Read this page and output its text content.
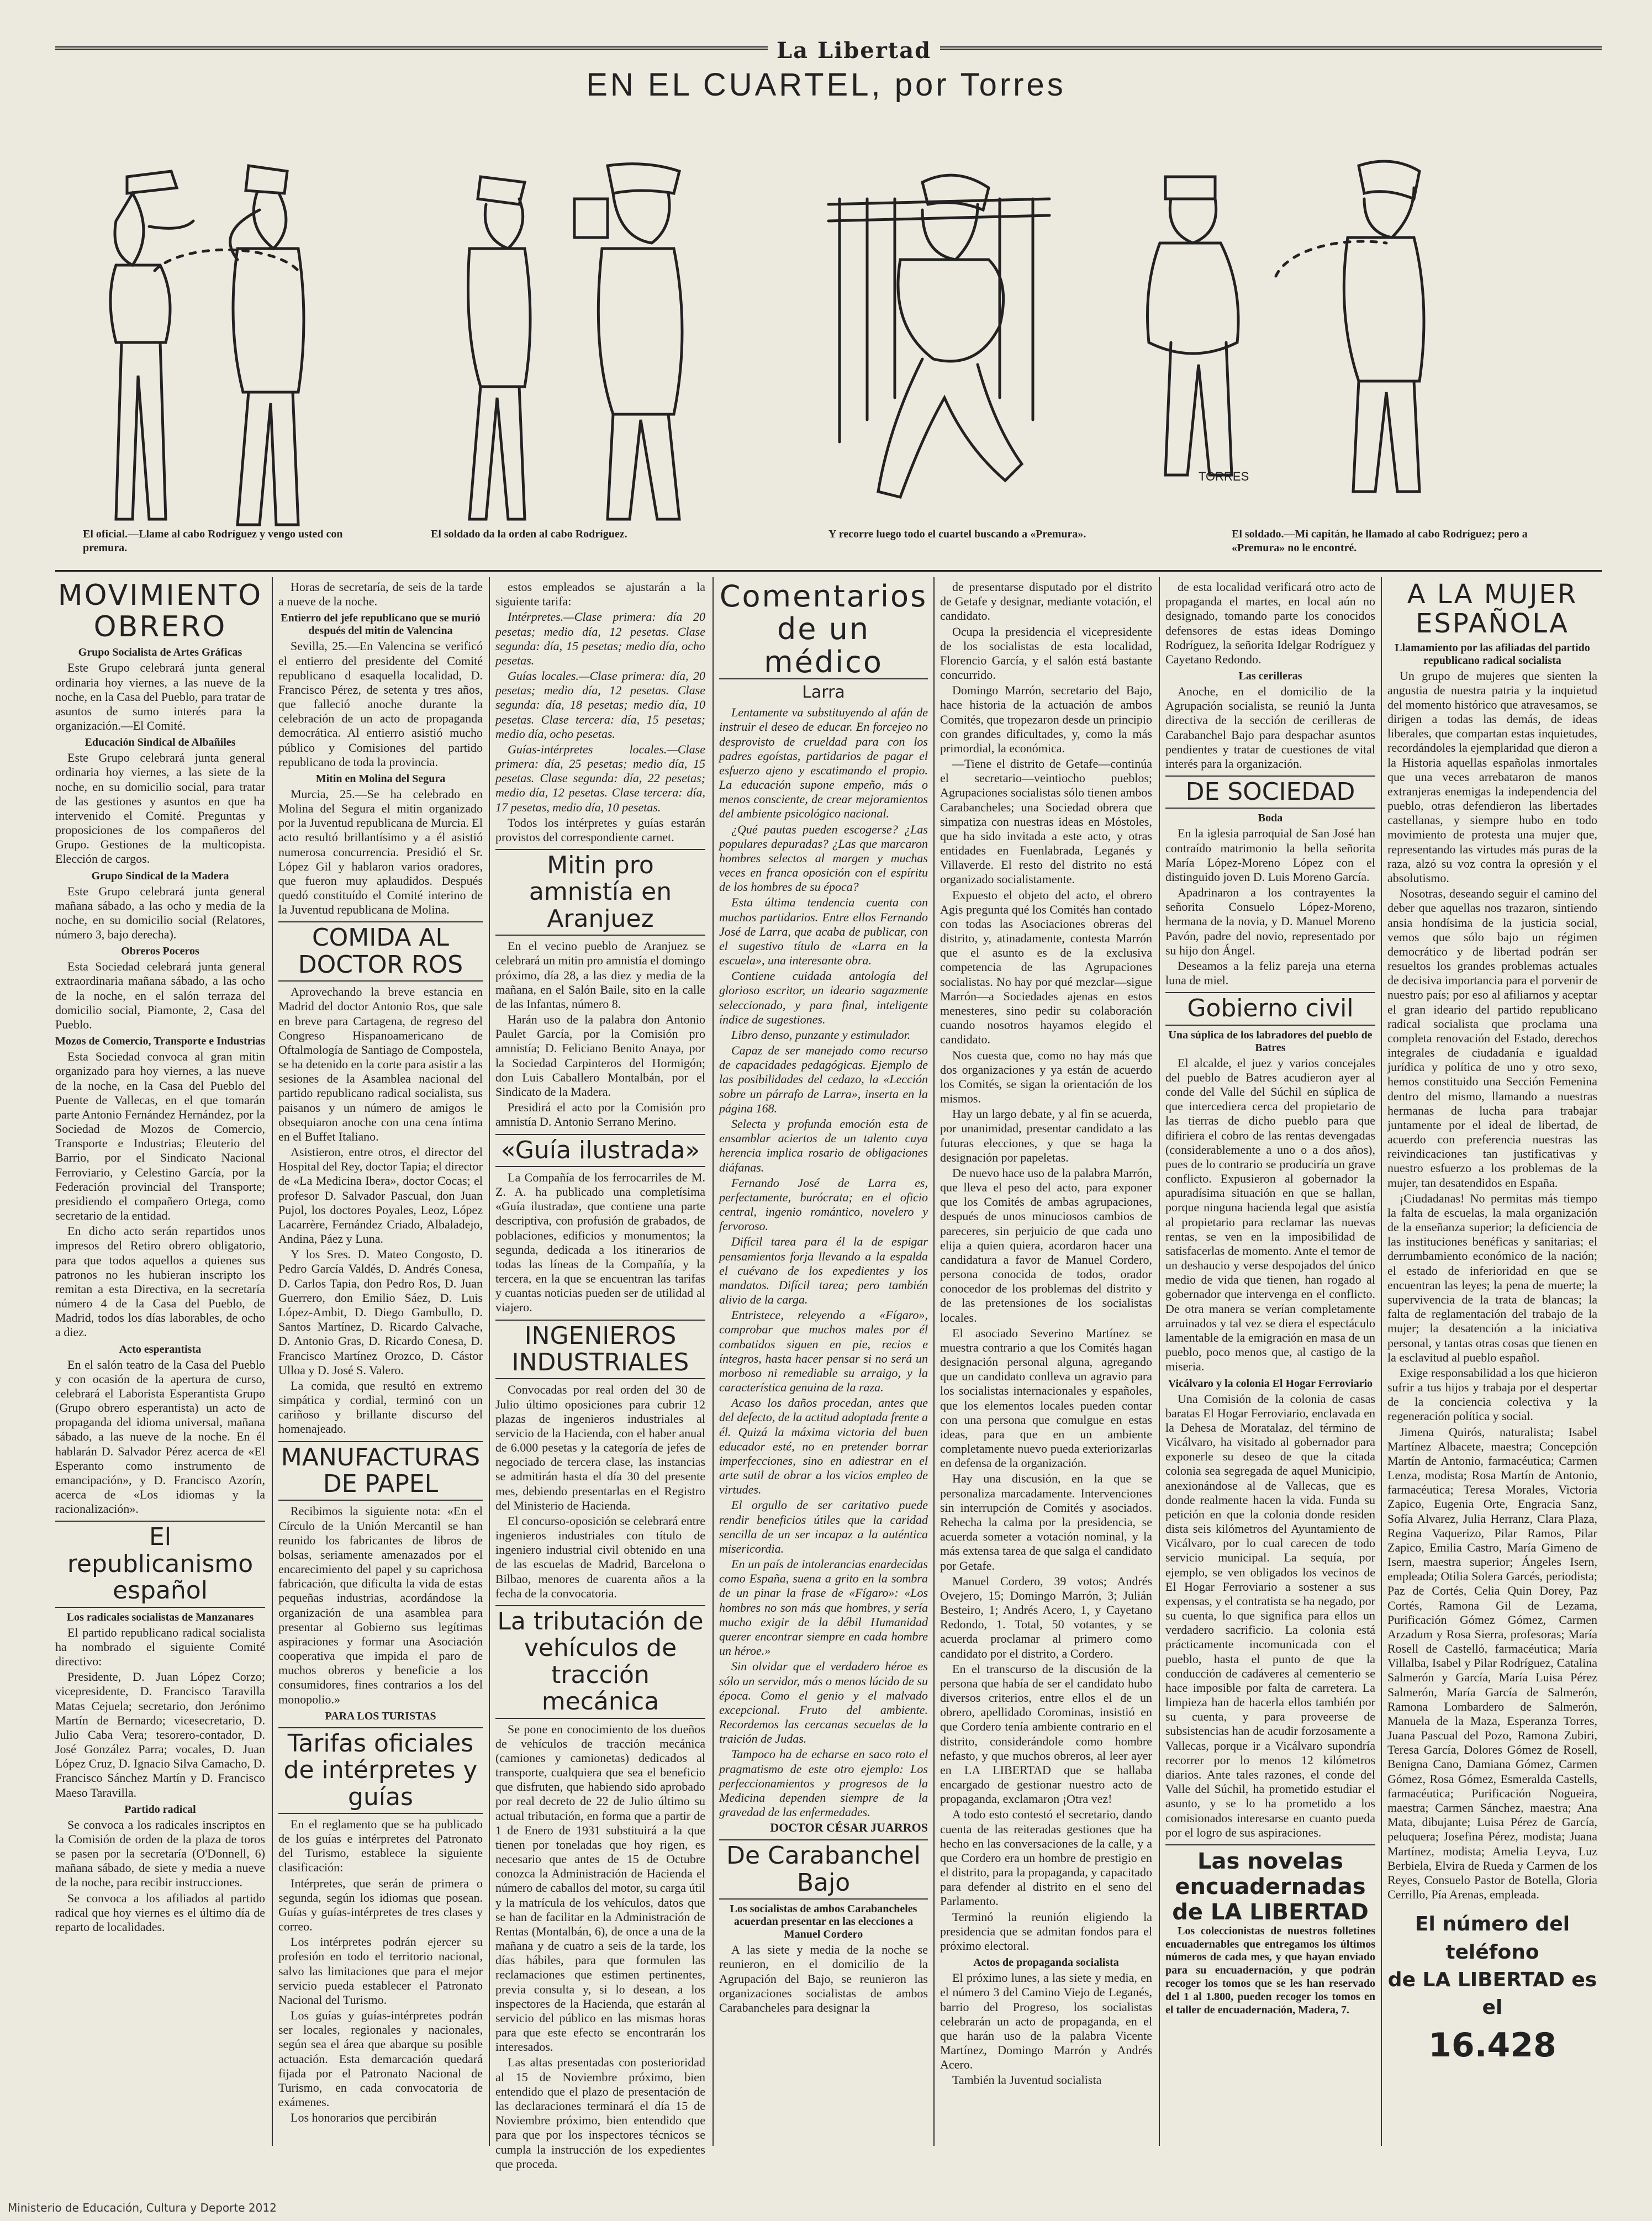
La Libertad
EN EL CUARTEL, por Torres
TORRES
El oficial.—Llame al cabo Rodríguez y vengo usted con premura.
El soldado da la orden al cabo Rodríguez.	Y recorre luego todo el cuartel buscando a «Premura».	El soldado.—Mi capitán, he llamado al cabo Rodríguez; pero a «Premura» no le encontré.
MOVIMIENTO OBRERO
Grupo Socialista de Artes Gráficas

Este Grupo celebrará junta general ordinaria hoy viernes, a las nueve de la noche, en la Casa del Pueblo, para tratar de asuntos de sumo interés para la organización.—El Comité.

Educación Sindical de Albañiles

Este Grupo celebrará junta general ordinaria hoy viernes, a las siete de la noche, en su domicilio social, para tratar de las gestiones y asuntos en que ha intervenido el Comité. Preguntas y proposiciones de los compañeros del Grupo. Gestiones de la multicopista. Elección de cargos.

Grupo Sindical de la Madera

Este Grupo celebrará junta general mañana sábado, a las ocho y media de la noche, en su domicilio social (Relatores, número 3, bajo derecha).

Obreros Poceros

Esta Sociedad celebrará junta general extraordinaria mañana sábado, a las ocho de la noche, en el salón terraza del domicilio social, Piamonte, 2, Casa del Pueblo.

Mozos de Comercio, Transporte e Industrias

Esta Sociedad convoca al gran mitin organizado para hoy viernes, a las nueve de la noche, en la Casa del Pueblo del Puente de Vallecas, en el que tomarán parte Antonio Fernández Hernández, por la Sociedad de Mozos de Comercio, Transporte e Industrias; Eleuterio del Barrio, por el Sindicato Nacional Ferroviario, y Celestino García, por la Federación provincial del Transporte; presidiendo el compañero Ortega, como secretario de la entidad.

En dicho acto serán repartidos unos impresos del Retiro obrero obligatorio, para que todos aquellos a quienes sus patronos no les hubieran inscripto los remitan a esta Directiva, en la secretaría número 4 de la Casa del Pueblo, de Madrid, todos los días laborables, de ocho a diez.

Acto esperantista

En el salón teatro de la Casa del Pueblo y con ocasión de la apertura de curso, celebrará el Laborista Esperantista Grupo (Grupo obrero esperantista) un acto de propaganda del idioma universal, mañana sábado, a las nueve de la noche. En él hablarán D. Salvador Pérez acerca de «El Esperanto como instrumento de emancipación», y D. Francisco Azorín, acerca de «Los idiomas y la racionalización».

El republicanismo español
Los radicales socialistas de Manzanares

El partido republicano radical socialista ha nombrado el siguiente Comité directivo:

Presidente, D. Juan López Corzo; vicepresidente, D. Francisco Taravilla Matas Cejuela; secretario, don Jerónimo Martín de Bernardo; vicesecretario, D. Julio Caba Vera; tesorero-contador, D. José González Parra; vocales, D. Juan López Cruz, D. Ignacio Silva Camacho, D. Francisco Sánchez Martín y D. Francisco Maeso Taravilla.

Partido radical

Se convoca a los radicales inscriptos en la Comisión de orden de la plaza de toros se pasen por la secretaría (O'Donnell, 6) mañana sábado, de siete y media a nueve de la noche, para recibir instrucciones.

Se convoca a los afiliados al partido radical que hoy viernes es el último día de reparto de localidades.

Horas de secretaría, de seis de la tarde a nueve de la noche.

Entierro del jefe republicano que se murió después del mitin de Valencina

Sevilla, 25.—En Valencina se verificó el entierro del presidente del Comité republicano d esaquella localidad, D. Francisco Pérez, de setenta y tres años, que falleció anoche durante la celebración de un acto de propaganda democrática. Al entierro asistió mucho público y Comisiones del partido republicano de toda la provincia.

Mitin en Molina del Segura

Murcia, 25.—Se ha celebrado en Molina del Segura el mitin organizado por la Juventud republicana de Murcia. El acto resultó brillantísimo y a él asistió numerosa concurrencia. Presidió el Sr. López Gil y hablaron varios oradores, que fueron muy aplaudidos. Después quedó constituído el Comité interino de la Juventud republicana de Molina.

COMIDA AL DOCTOR ROS

Aprovechando la breve estancia en Madrid del doctor Antonio Ros, que sale en breve para Cartagena, de regreso del Congreso Hispanoamericano de Oftalmología de Santiago de Compostela, se ha detenido en la corte para asistir a las sesiones de la Asamblea nacional del partido republicano radical socialista, sus paisanos y un número de amigos le obsequiaron anoche con una cena íntima en el Buffet Italiano.

Asistieron, entre otros, el director del Hospital del Rey, doctor Tapia; el director de «La Medicina Ibera», doctor Cocas; el profesor D. Salvador Pascual, don Juan Pujol, los doctores Poyales, Leoz, López Lacarrère, Fernández Criado, Albaladejo, Andina, Páez y Luna.

Y los Sres. D. Mateo Congosto, D. Pedro García Valdés, D. Andrés Conesa, D. Carlos Tapia, don Pedro Ros, D. Juan Guerrero, don Emilio Sáez, D. Luis López-Ambit, D. Diego Gambullo, D. Santos Martínez, D. Ricardo Calvache, D. Antonio Gras, D. Ricardo Conesa, D. Francisco Martínez Orozco, D. Cástor Ulloa y D. José S. Valero.

La comida, que resultó en extremo simpática y cordial, terminó con un cariñoso y brillante discurso del homenajeado.

MANUFACTURAS DE PAPEL

Recibimos la siguiente nota: «En el Círculo de la Unión Mercantil se han reunido los fabricantes de libros de bolsas, seriamente amenazados por el encarecimiento del papel y su caprichosa fabricación, que dificulta la vida de estas pequeñas industrias, acordándose la organización de una asamblea para presentar al Gobierno sus legítimas aspiraciones y formar una Asociación cooperativa que impida el paro de muchos obreros y beneficie a los consumidores, fines contrarios a los del monopolio.»

PARA LOS TURISTAS
Tarifas oficiales de intérpretes y guías

En el reglamento que se ha publicado de los guías e intérpretes del Patronato del Turismo, establece la siguiente clasificación:

Intérpretes, que serán de primera o segunda, según los idiomas que posean. Guías y guías-intérpretes de tres clases y correo.

Los intérpretes podrán ejercer su profesión en todo el territorio nacional, salvo las limitaciones que para el mejor servicio pueda establecer el Patronato Nacional del Turismo.

Los guías y guías-intérpretes podrán ser locales, regionales y nacionales, según sea el área que abarque su posible actuación. Esta demarcación quedará fijada por el Patronato Nacional de Turismo, en cada convocatoria de exámenes.

Los honorarios que percibirán

estos empleados se ajustarán a la siguiente tarifa:

Intérpretes.—Clase primera: día 20 pesetas; medio día, 12 pesetas. Clase segunda: día, 15 pesetas; medio día, ocho pesetas.

Guías locales.—Clase primera: día, 20 pesetas; medio día, 12 pesetas. Clase segunda: día, 18 pesetas; medio día, 10 pesetas. Clase tercera: día, 15 pesetas; medio día, ocho pesetas.

Guías-intérpretes locales.—Clase primera: día, 25 pesetas; medio día, 15 pesetas. Clase segunda: día, 22 pesetas; medio día, 12 pesetas. Clase tercera: día, 17 pesetas, medio día, 10 pesetas.

Todos los intérpretes y guías estarán provistos del correspondiente carnet.

Mitin pro amnistía en Aranjuez

En el vecino pueblo de Aranjuez se celebrará un mitin pro amnistía el domingo próximo, día 28, a las diez y media de la mañana, en el Salón Baile, sito en la calle de las Infantas, número 8.

Harán uso de la palabra don Antonio Paulet García, por la Comisión pro amnistía; D. Feliciano Benito Anaya, por la Sociedad Carpinteros del Hormigón; don Luis Caballero Montalbán, por el Sindicato de la Madera.

Presidirá el acto por la Comisión pro amnistía D. Antonio Serrano Merino.

«Guía ilustrada»

La Compañía de los ferrocarriles de M. Z. A. ha publicado una completísima «Guía ilustrada», que contiene una parte descriptiva, con profusión de grabados, de poblaciones, edificios y monumentos; la segunda, dedicada a los itinerarios de todas las líneas de la Compañía, y la tercera, en la que se encuentran las tarifas y cuantas noticias pueden ser de utilidad al viajero.

INGENIEROS INDUSTRIALES

Convocadas por real orden del 30 de Julio último oposiciones para cubrir 12 plazas de ingenieros industriales al servicio de la Hacienda, con el haber anual de 6.000 pesetas y la categoría de jefes de negociado de tercera clase, las instancias se admitirán hasta el día 30 del presente mes, debiendo presentarlas en el Registro del Ministerio de Hacienda.

El concurso-oposición se celebrará entre ingenieros industriales con título de ingeniero industrial civil obtenido en una de las escuelas de Madrid, Barcelona o Bilbao, menores de cuarenta años a la fecha de la convocatoria.

La tributación de vehículos de tracción mecánica

Se pone en conocimiento de los dueños de vehículos de tracción mecánica (camiones y camionetas) dedicados al transporte, cualquiera que sea el beneficio que disfruten, que habiendo sido aprobado por real decreto de 22 de Julio último su actual tributación, en forma que a partir de 1 de Enero de 1931 substituirá a la que tienen por toneladas que hoy rigen, es necesario que antes de 15 de Octubre conozca la Administración de Hacienda el número de caballos del motor, su carga útil y la matrícula de los vehículos, datos que se han de facilitar en la Administración de Rentas (Montalbán, 6), de once a una de la mañana y de cuatro a seis de la tarde, los días hábiles, para que formulen las reclamaciones que estimen pertinentes, previa consulta y, si lo desean, a los inspectores de la Hacienda, que estarán al servicio del público en las mismas horas para que este efecto se encontrarán los interesados.

Las altas presentadas con posterioridad al 15 de Noviembre próximo, bien entendido que el plazo de presentación de las declaraciones terminará el día 15 de Noviembre próximo, bien entendido que para que por los inspectores técnicos se cumpla la instrucción de los expedientes que proceda.

Comentarios de un médico
Larra

Lentamente va substituyendo al afán de instruir el deseo de educar. En forcejeo no desprovisto de crueldad para con los padres egoístas, partidarios de pagar el esfuerzo ajeno y escatimando el propio. La educación supone empeño, más o menos consciente, de crear mejoramientos del ambiente psicológico nacional.

¿Qué pautas pueden escogerse? ¿Las populares depuradas? ¿Las que marcaron hombres selectos al margen y muchas veces en franca oposición con el espíritu de los hombres de su época?

Esta última tendencia cuenta con muchos partidarios. Entre ellos Fernando José de Larra, que acaba de publicar, con el sugestivo título de «Larra en la escuela», una interesante obra.

Contiene cuidada antología del glorioso escritor, un ideario sagazmente seleccionado, y para final, inteligente índice de sugestiones.

Libro denso, punzante y estimulador.

Capaz de ser manejado como recurso de capacidades pedagógicas. Ejemplo de las posibilidades del cedazo, la «Lección sobre un párrafo de Larra», inserta en la página 168.

Selecta y profunda emoción esta de ensamblar aciertos de un talento cuya herencia implica rosario de obligaciones diáfanas.

Fernando José de Larra es, perfectamente, burócrata; en el oficio central, ingenio romántico, novelero y fervoroso.

Difícil tarea para él la de espigar pensamientos forja llevando a la espalda el cuévano de los expedientes y los mandatos. Difícil tarea; pero también alivio de la carga.

Entristece, releyendo a «Fígaro», comprobar que muchos males por él combatidos siguen en pie, recios e íntegros, hasta hacer pensar si no será un morboso ni remediable su arraigo, y la característica genuina de la raza.

Acaso los daños procedan, antes que del defecto, de la actitud adoptada frente a él. Quizá la máxima victoria del buen educador esté, no en pretender borrar imperfecciones, sino en adiestrar en el arte sutil de obrar a los vicios empleo de virtudes.

El orgullo de ser caritativo puede rendir beneficios útiles que la caridad sencilla de un ser incapaz a la auténtica misericordia.

En un país de intolerancias enardecidas como España, suena a grito en la sombra de un pinar la frase de «Fígaro»: «Los hombres no son más que hombres, y sería mucho exigir de la débil Humanidad querer encontrar siempre en cada hombre un héroe.»

Sin olvidar que el verdadero héroe es sólo un servidor, más o menos lúcido de su época. Como el genio y el malvado excepcional. Fruto del ambiente. Recordemos las cercanas secuelas de la traición de Judas.

Tampoco ha de echarse en saco roto el pragmatismo de este otro ejemplo: Los perfeccionamientos y progresos de la Medicina dependen siempre de la gravedad de las enfermedades.

DOCTOR CÉSAR JUARROS

De Carabanchel Bajo
Los socialistas de ambos Carabancheles acuerdan presentar en las elecciones a Manuel Cordero

A las siete y media de la noche se reunieron, en el domicilio de la Agrupación del Bajo, se reunieron las organizaciones socialistas de ambos Carabancheles para designar la

de presentarse disputado por el distrito de Getafe y designar, mediante votación, el candidato.

Ocupa la presidencia el vicepresidente de los socialistas de esta localidad, Florencio García, y el salón está bastante concurrido.

Domingo Marrón, secretario del Bajo, hace historia de la actuación de ambos Comités, que tropezaron desde un principio con grandes dificultades, y, como la más primordial, la económica.

—Tiene el distrito de Getafe—continúa el secretario—veintiocho pueblos; Agrupaciones socialistas sólo tienen ambos Carabancheles; una Sociedad obrera que simpatiza con nuestras ideas en Móstoles, que ha sido invitada a este acto, y otras entidades en Fuenlabrada, Leganés y Villaverde. El resto del distrito no está organizado socialistamente.

Expuesto el objeto del acto, el obrero Agis pregunta qué los Comités han contado con todas las Asociaciones obreras del distrito, y, atinadamente, contesta Marrón que el asunto es de la exclusiva competencia de las Agrupaciones socialistas. No hay por qué mezclar—sigue Marrón—a Sociedades ajenas en estos menesteres, sino pedir su colaboración cuando nosotros hayamos elegido el candidato.

Nos cuesta que, como no hay más que dos organizaciones y ya están de acuerdo los Comités, se sigan la orientación de los mismos.

Hay un largo debate, y al fin se acuerda, por unanimidad, presentar candidato a las futuras elecciones, y que se haga la designación por papeletas.

De nuevo hace uso de la palabra Marrón, que lleva el peso del acto, para exponer que los Comités de ambas agrupaciones, después de unos minuciosos cambios de pareceres, sin perjuicio de que cada uno elija a quien quiera, acordaron hacer una candidatura a favor de Manuel Cordero, persona conocida de todos, orador conocedor de los problemas del distrito y de las pretensiones de los socialistas locales.

El asociado Severino Martínez se muestra contrario a que los Comités hagan designación personal alguna, agregando que un candidato conlleva un agravio para los socialistas internacionales y españoles, que los elementos locales pueden contar con una persona que comulgue en estas ideas, para que en un ambiente completamente nuevo pueda exteriorizarlas en defensa de la organización.

Hay una discusión, en la que se personaliza marcadamente. Intervenciones sin interrupción de Comités y asociados. Rehecha la calma por la presidencia, se acuerda someter a votación nominal, y la más extensa tarea de que salga el candidato por Getafe.

Manuel Cordero, 39 votos; Andrés Ovejero, 15; Domingo Marrón, 3; Julián Besteiro, 1; Andrés Acero, 1, y Cayetano Redondo, 1. Total, 50 votantes, y se acuerda proclamar al primero como candidato por el distrito, a Cordero.

En el transcurso de la discusión de la persona que había de ser el candidato hubo diversos criterios, entre ellos el de un obrero, apellidado Corominas, insistió en que Cordero tenía ambiente contrario en el distrito, considerándole como hombre nefasto, y que muchos obreros, al leer ayer en LA LIBERTAD que se hallaba encargado de gestionar nuestro acto de propaganda, exclamaron ¡Otra vez!

A todo esto contestó el secretario, dando cuenta de las reiteradas gestiones que ha hecho en las conversaciones de la calle, y a que Cordero era un hombre de prestigio en el distrito, para la propaganda, y capacitado para defender al distrito en el seno del Parlamento.

Terminó la reunión eligiendo la presidencia que se admitan fondos para el próximo electoral.

Actos de propaganda socialista

El próximo lunes, a las siete y media, en el número 3 del Camino Viejo de Leganés, barrio del Progreso, los socialistas celebrarán un acto de propaganda, en el que harán uso de la palabra Vicente Martínez, Domingo Marrón y Andrés Acero.

También la Juventud socialista

de esta localidad verificará otro acto de propaganda el martes, en local aún no designado, tomando parte los conocidos defensores de estas ideas Domingo Rodríguez, la señorita Idelgar Rodríguez y Cayetano Redondo.

Las cerilleras

Anoche, en el domicilio de la Agrupación socialista, se reunió la Junta directiva de la sección de cerilleras de Carabanchel Bajo para despachar asuntos pendientes y tratar de cuestiones de vital interés para la organización.

DE SOCIEDAD
Boda

En la iglesia parroquial de San José han contraído matrimonio la bella señorita María López-Moreno López con el distinguido joven D. Luis Moreno García.

Apadrinaron a los contrayentes la señorita Consuelo López-Moreno, hermana de la novia, y D. Manuel Moreno Pavón, padre del novio, representado por su hijo don Ángel.

Deseamos a la feliz pareja una eterna luna de miel.

Gobierno civil
Una súplica de los labradores del pueblo de Batres

El alcalde, el juez y varios concejales del pueblo de Batres acudieron ayer al conde del Valle del Súchil en súplica de que intercediera cerca del propietario de las tierras de dicho pueblo para que difiriera el cobro de las rentas devengadas (considerablemente a uno o a dos años), pues de lo contrario se produciría un grave conflicto. Expusieron al gobernador la apuradísima situación en que se hallan, porque ninguna hacienda legal que asistía al propietario para reclamar las nuevas rentas, se ven en la imposibilidad de satisfacerlas de momento. Ante el temor de un deshaucio y verse despojados del único medio de vida que tienen, han rogado al gobernador que intervenga en el conflicto. De otra manera se verían completamente arruinados y tal vez se diera el espectáculo lamentable de la emigración en masa de un pueblo, poco menos que, al castigo de la miseria.

Vicálvaro y la colonia El Hogar Ferroviario

Una Comisión de la colonia de casas baratas El Hogar Ferroviario, enclavada en la Dehesa de Moratalaz, del término de Vicálvaro, ha visitado al gobernador para exponerle su deseo de que la citada colonia sea segregada de aquel Municipio, anexionándose al de Vallecas, que es donde realmente hacen la vida. Funda su petición en que la colonia donde residen dista seis kilómetros del Ayuntamiento de Vicálvaro, por lo cual carecen de todo servicio municipal. La sequía, por ejemplo, se ven obligados los vecinos de El Hogar Ferroviario a sostener a sus expensas, y el contratista se ha negado, por su cuenta, lo que significa para ellos un verdadero sacrificio. La colonia está prácticamente incomunicada con el pueblo, hasta el punto de que la conducción de cadáveres al cementerio se hace imposible por falta de carretera. La limpieza han de hacerla ellos también por su cuenta, y para proveerse de subsistencias han de acudir forzosamente a Vallecas, porque ir a Vicálvaro supondría recorrer por lo menos 12 kilómetros diarios. Ante tales razones, el conde del Valle del Súchil, ha prometido estudiar el asunto, y se lo ha prometido a los comisionados interesarse en cuanto pueda por el logro de sus aspiraciones.

Las novelas encuadernadas de LA LIBERTAD

Los coleccionistas de nuestros folletines encuadernables que entregamos los últimos números de cada mes, y que hayan enviado para su encuadernación, y que podrán recoger los tomos que se les han reservado del 1 al 1.800, pueden recoger los tomos en el taller de encuadernación, Madera, 7.

A LA MUJER ESPAÑOLA
Llamamiento por las afiliadas del partido republicano radical socialista

Un grupo de mujeres que sienten la angustia de nuestra patria y la inquietud del momento histórico que atravesamos, se dirigen a todas las demás, de ideas liberales, que compartan estas inquietudes, recordándoles la ejemplaridad que dieron a la Historia aquellas españolas inmortales que una veces arrebataron de manos extranjeras enemigas la independencia del pueblo, otras defendieron las libertades castellanas, y siempre hubo en todo movimiento de protesta una mujer que, representando las virtudes más puras de la raza, alzó su voz contra la opresión y el absolutismo.

Nosotras, deseando seguir el camino del deber que aquellas nos trazaron, sintiendo ansia hondísima de la justicia social, vemos que sólo bajo un régimen democrático y de libertad podrán ser resueltos los grandes problemas actuales de decisiva importancia para el porvenir de nuestro país; por eso al afiliarnos y aceptar el gran ideario del partido republicano radical socialista que proclama una completa renovación del Estado, derechos integrales de ciudadanía e igualdad jurídica y política de uno y otro sexo, hemos constituido una Sección Femenina dentro del mismo, llamando a nuestras hermanas de lucha para trabajar juntamente por el ideal de libertad, de acuerdo con preferencia nuestras las reivindicaciones tan justificativas y nuestro esfuerzo a los problemas de la mujer, tan desatendidos en España.

¡Ciudadanas! No permitas más tiempo la falta de escuelas, la mala organización de la enseñanza superior; la deficiencia de las instituciones benéficas y sanitarias; el derrumbamiento económico de la nación; el estado de inferioridad en que se encuentran las leyes; la pena de muerte; la supervivencia de la trata de blancas; la falta de reglamentación del trabajo de la mujer; la desatención a la iniciativa personal, y tantas otras cosas que tienen en la esclavitud al pueblo español.

Exige responsabilidad a los que hicieron sufrir a tus hijos y trabaja por el despertar de la conciencia colectiva y la regeneración política y social.

Jimena Quirós, naturalista; Isabel Martínez Albacete, maestra; Concepción Martín de Antonio, farmacéutica; Carmen Lenza, modista; Rosa Martín de Antonio, farmacéutica; Teresa Morales, Victoria Zapico, Eugenia Orte, Engracia Sanz, Sofía Alvarez, Julia Herranz, Clara Plaza, Regina Vaquerizo, Pilar Ramos, Pilar Zapico, Emilia Castro, María Gimeno de Isern, maestra superior; Ángeles Isern, empleada; Otilia Solera Garcés, periodista; Paz de Cortés, Celia Quin Dorey, Paz Cortés, Ramona Gil de Lezama, Purificación Gómez Gómez, Carmen Arzadum y Rosa Sierra, profesoras; María Rosell de Castelló, farmacéutica; María Villalba, Isabel y Pilar Rodríguez, Catalina Salmerón y García, María Luisa Pérez Salmerón, María García de Salmerón, Ramona Lombardero de Salmerón, Manuela de la Maza, Esperanza Torres, Juana Pascual del Pozo, Ramona Zubiri, Teresa García, Dolores Gómez de Rosell, Benigna Cano, Damiana Gómez, Carmen Gómez, Rosa Gómez, Esmeralda Castells, farmacéutica; Purificación Nogueira, maestra; Carmen Sánchez, maestra; Ana Mata, dibujante; Luisa Pérez de García, peluquera; Josefina Pérez, modista; Juana Martínez, modista; Amelia Leyva, Luz Berbiela, Elvira de Rueda y Carmen de los Reyes, Consuelo Pastor de Botella, Gloria Cerrillo, Pía Arenas, empleada.

El número del teléfono
de LA LIBERTAD es el
16.428
Ministerio de Educación, Cultura y Deporte 2012
